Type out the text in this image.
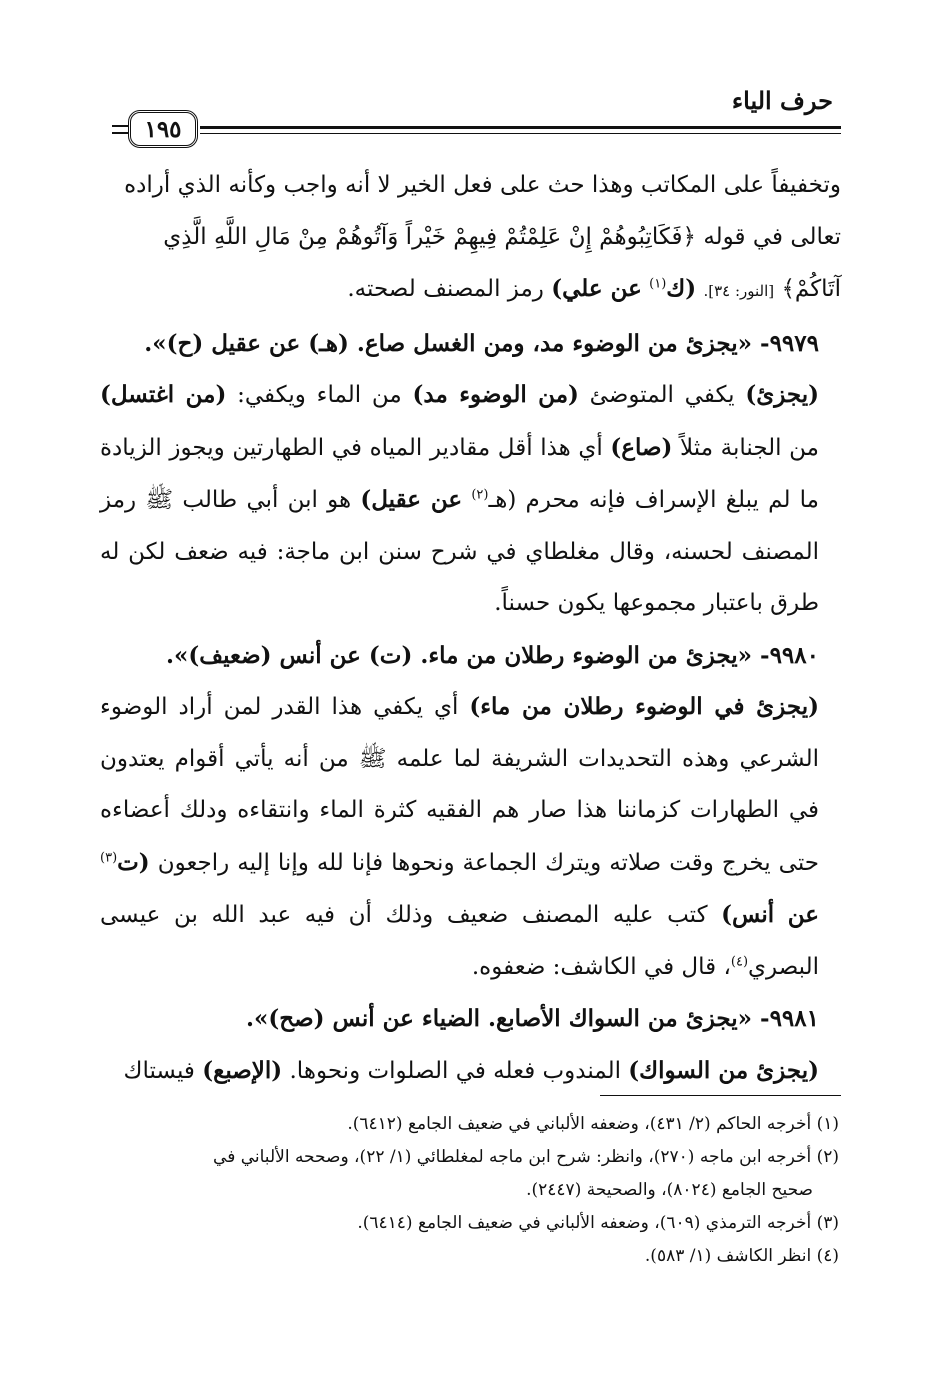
حرف الياء
١٩٥

وتخفيفاً على المكاتب وهذا حث على فعل الخير لا أنه واجب وكأنه الذي أراده

تعالى في قوله ﴿فَكَاتِبُوهُمْ إِنْ عَلِمْتُمْ فِيهِمْ خَيْراً وَآتُوهُمْ مِنْ مَالِ اللَّهِ الَّذِي

آتَاكُمْ﴾ [النور: ٣٤]. (ك$^{(١)}$ عن علي) رمز المصنف لصحته.

٩٩٧٩- «يجزئ من الوضوء مد، ومن الغسل صاع. (هـ) عن عقيل (ح)».

(يجزئ) يكفي المتوضئ (من الوضوء مد) من الماء ويكفي: (من اغتسل) من الجنابة مثلاً (صاع) أي هذا أقل مقادير المياه في الطهارتين ويجوز الزيادة ما لم يبلغ الإسراف فإنه محرم (هـ$^{(٢)}$ عن عقيل) هو ابن أبي طالب ﷺ رمز المصنف لحسنه، وقال مغلطاي في شرح سنن ابن ماجة: فيه ضعف لكن له طرق باعتبار مجموعها يكون حسناً.

٩٩٨٠- «يجزئ من الوضوء رطلان من ماء. (ت) عن أنس (ضعيف)».

(يجزئ في الوضوء رطلان من ماء) أي يكفي هذا القدر لمن أراد الوضوء الشرعي وهذه التحديدات الشريفة لما علمه ﷺ من أنه يأتي أقوام يعتدون في الطهارات كزماننا هذا صار هم الفقيه كثرة الماء وانتقاءه ودلك أعضاءه حتى يخرج وقت صلاته ويترك الجماعة ونحوها فإنا لله وإنا إليه راجعون (ت$^{(٣)}$ عن أنس) كتب عليه المصنف ضعيف وذلك أن فيه عبد الله بن عيسى البصري$^{(٤)}$، قال في الكاشف: ضعفوه.

٩٩٨١- «يجزئ من السواك الأصابع. الضياء عن أنس (صح)».

(يجزئ من السواك) المندوب فعله في الصلوات ونحوها. (الإصبع) فيستاك

(١) أخرجه الحاكم (٢/ ٤٣١)، وضعفه الألباني في ضعيف الجامع (٦٤١٢).

(٢) أخرجه ابن ماجه (٢٧٠)، وانظر: شرح ابن ماجه لمغلطائي (١/ ٢٢)، وصححه الألباني في

صحيح الجامع (٨٠٢٤)، والصحيحة (٢٤٤٧).

(٣) أخرجه الترمذي (٦٠٩)، وضعفه الألباني في ضعيف الجامع (٦٤١٤).

(٤) انظر الكاشف (١/ ٥٨٣).
